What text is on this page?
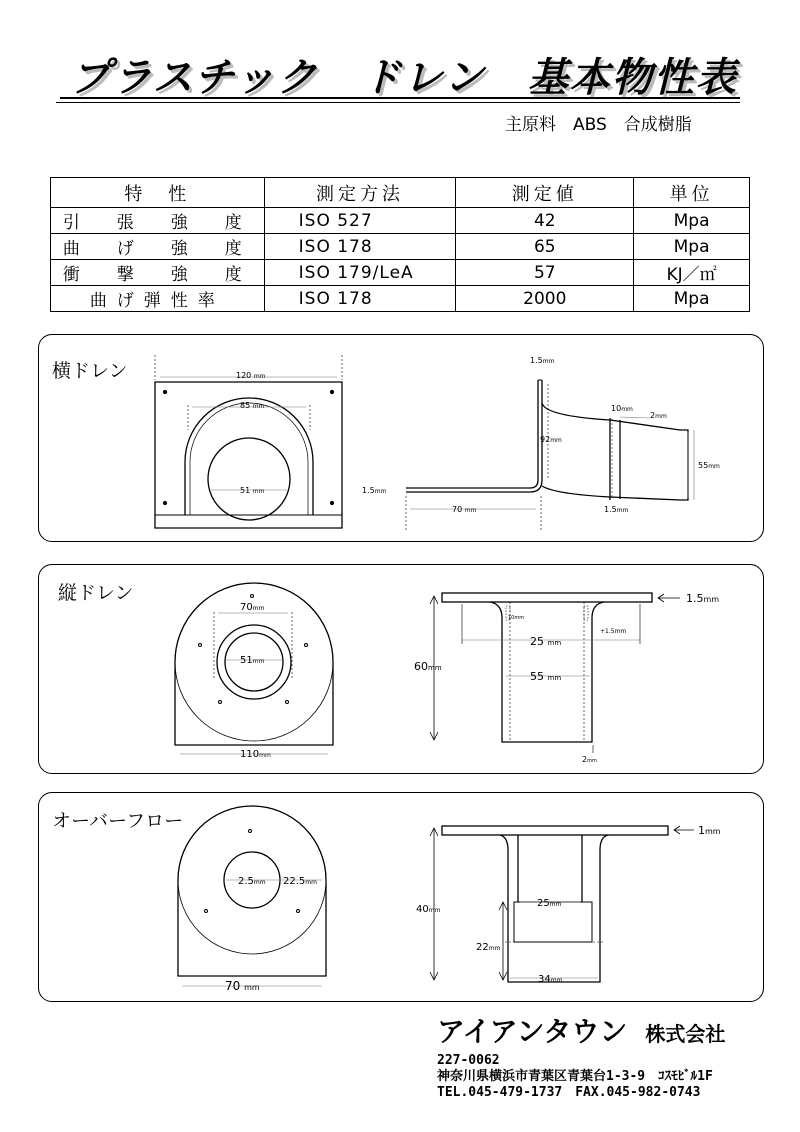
プラスチック ドレン 基本物性表
主原料　ABS　合成樹脂
特　性	測定方法	測定値	単位
引　張　強　度	ISO 527	42	Mpa
曲　げ　強　度	ISO 178	65	Mpa
衝　撃　強　度	ISO 179/LeA	57	KJ／㎡
曲げ弾性率	ISO 178	2000	Mpa
横ドレン	120 mm
85 mm
51 mm
1.5mm
92mm
1.5mm
70 mm
10mm
2mm
55mm
1.5mm
縦ドレン
70mm
51mm
110mm
1.5mm
10mm
+1.5mm
25 mm
60mm
55 mm
2mm
オーバーフロー
2.5mm 22.5mm
70 mm
1mm
25mm
40mm
22mm
34mm
アイアンタウン 株式会社
227-0062
神奈川県横浜市青葉区青葉台1-3-9　ｺｽﾓﾋﾞﾙ1F
TEL.045-479-1737　FAX.045-982-0743
